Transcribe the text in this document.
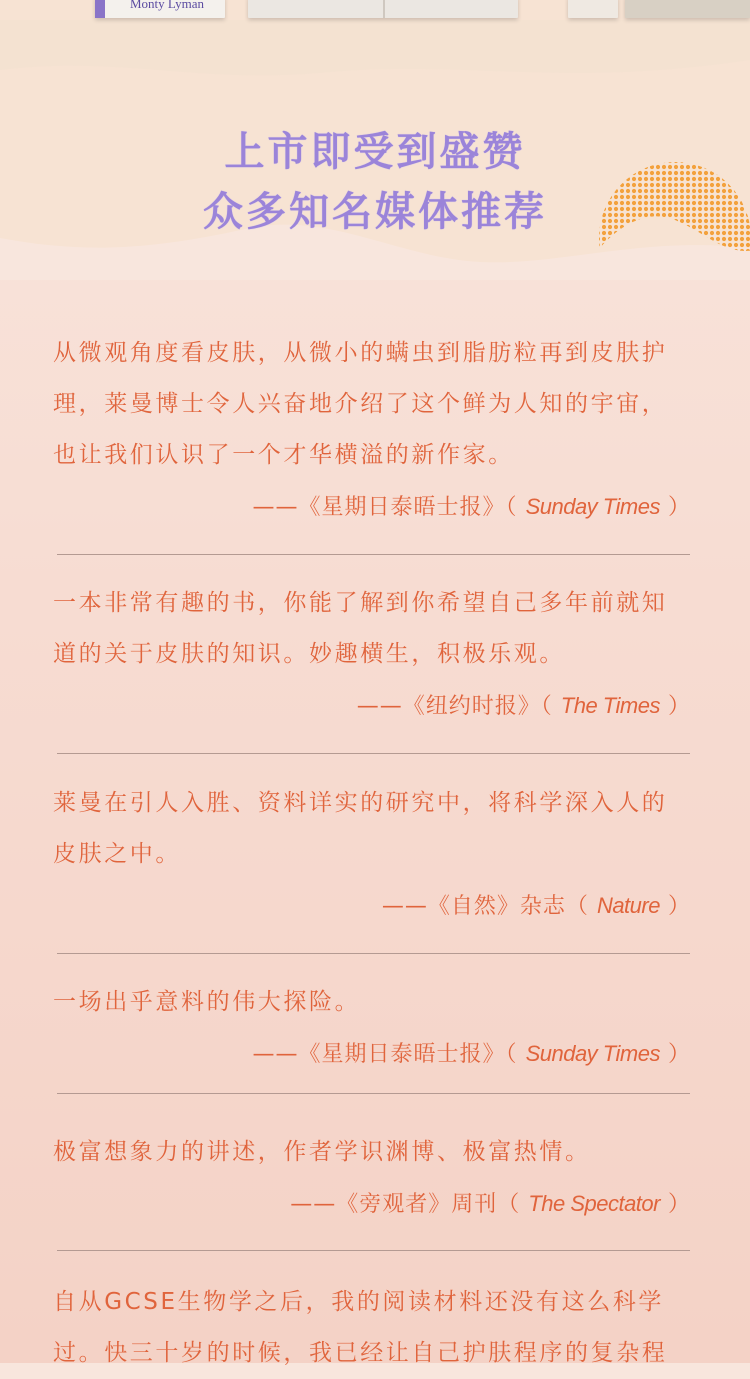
Monty Lyman
上市即受到盛赞
众多知名媒体推荐
从微观角度看皮肤，从微小的螨虫到脂肪粒再到皮肤护
理，莱曼博士令人兴奋地介绍了这个鲜为人知的宇宙，
也让我们认识了一个才华横溢的新作家。
——《星期日泰晤士报》（ Sunday Times ）
一本非常有趣的书，你能了解到你希望自己多年前就知
道的关于皮肤的知识。妙趣横生，积极乐观。
——《纽约时报》（ The Times ）
莱曼在引人入胜、资料详实的研究中，将科学深入人的
皮肤之中。
——《自然》杂志（ Nature ）
一场出乎意料的伟大探险。
——《星期日泰晤士报》（ Sunday Times ）
极富想象力的讲述，作者学识渊博、极富热情。
——《旁观者》周刊（ The Spectator ）
自从GCSE生物学之后，我的阅读材料还没有这么科学
过。快三十岁的时候，我已经让自己护肤程序的复杂程
